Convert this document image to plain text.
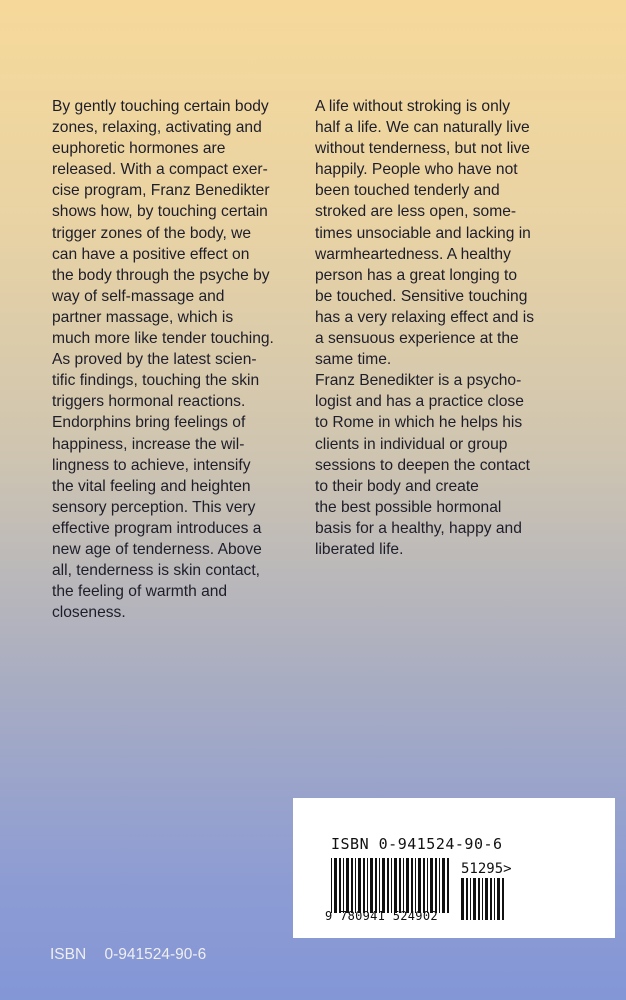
By gently touching certain body

zones, relaxing, activating and

euphoretic hormones are

released. With a compact exer-

cise program, Franz Benedikter

shows how, by touching certain

trigger zones of the body, we

can have a positive effect on

the body through the psyche by

way of self-massage and

partner massage, which is

much more like tender touching.

As proved by the latest scien-

tific findings, touching the skin

triggers hormonal reactions.

Endorphins bring feelings of

happiness, increase the wil-

lingness to achieve, intensify

the vital feeling and heighten

sensory perception. This very

effective program introduces a

new age of tenderness. Above

all, tenderness is skin contact,

the feeling of warmth and

closeness.

A life without stroking is only

half a life. We can naturally live

without tenderness, but not live

happily. People who have not

been touched tenderly and

stroked are less open, some-

times unsociable and lacking in

warmheartedness. A healthy

person has a great longing to

be touched. Sensitive touching

has a very relaxing effect and is

a sensuous experience at the

same time.

Franz Benedikter is a psycho-

logist and has a practice close

to Rome in which he helps his

clients in individual or group

sessions to deepen the contact

to their body and create

the best possible hormonal

basis for a healthy, happy and

liberated life.

ISBN 0-941524-90-6

51295>

9 780941 524902

ISBN 0-941524-90-6
